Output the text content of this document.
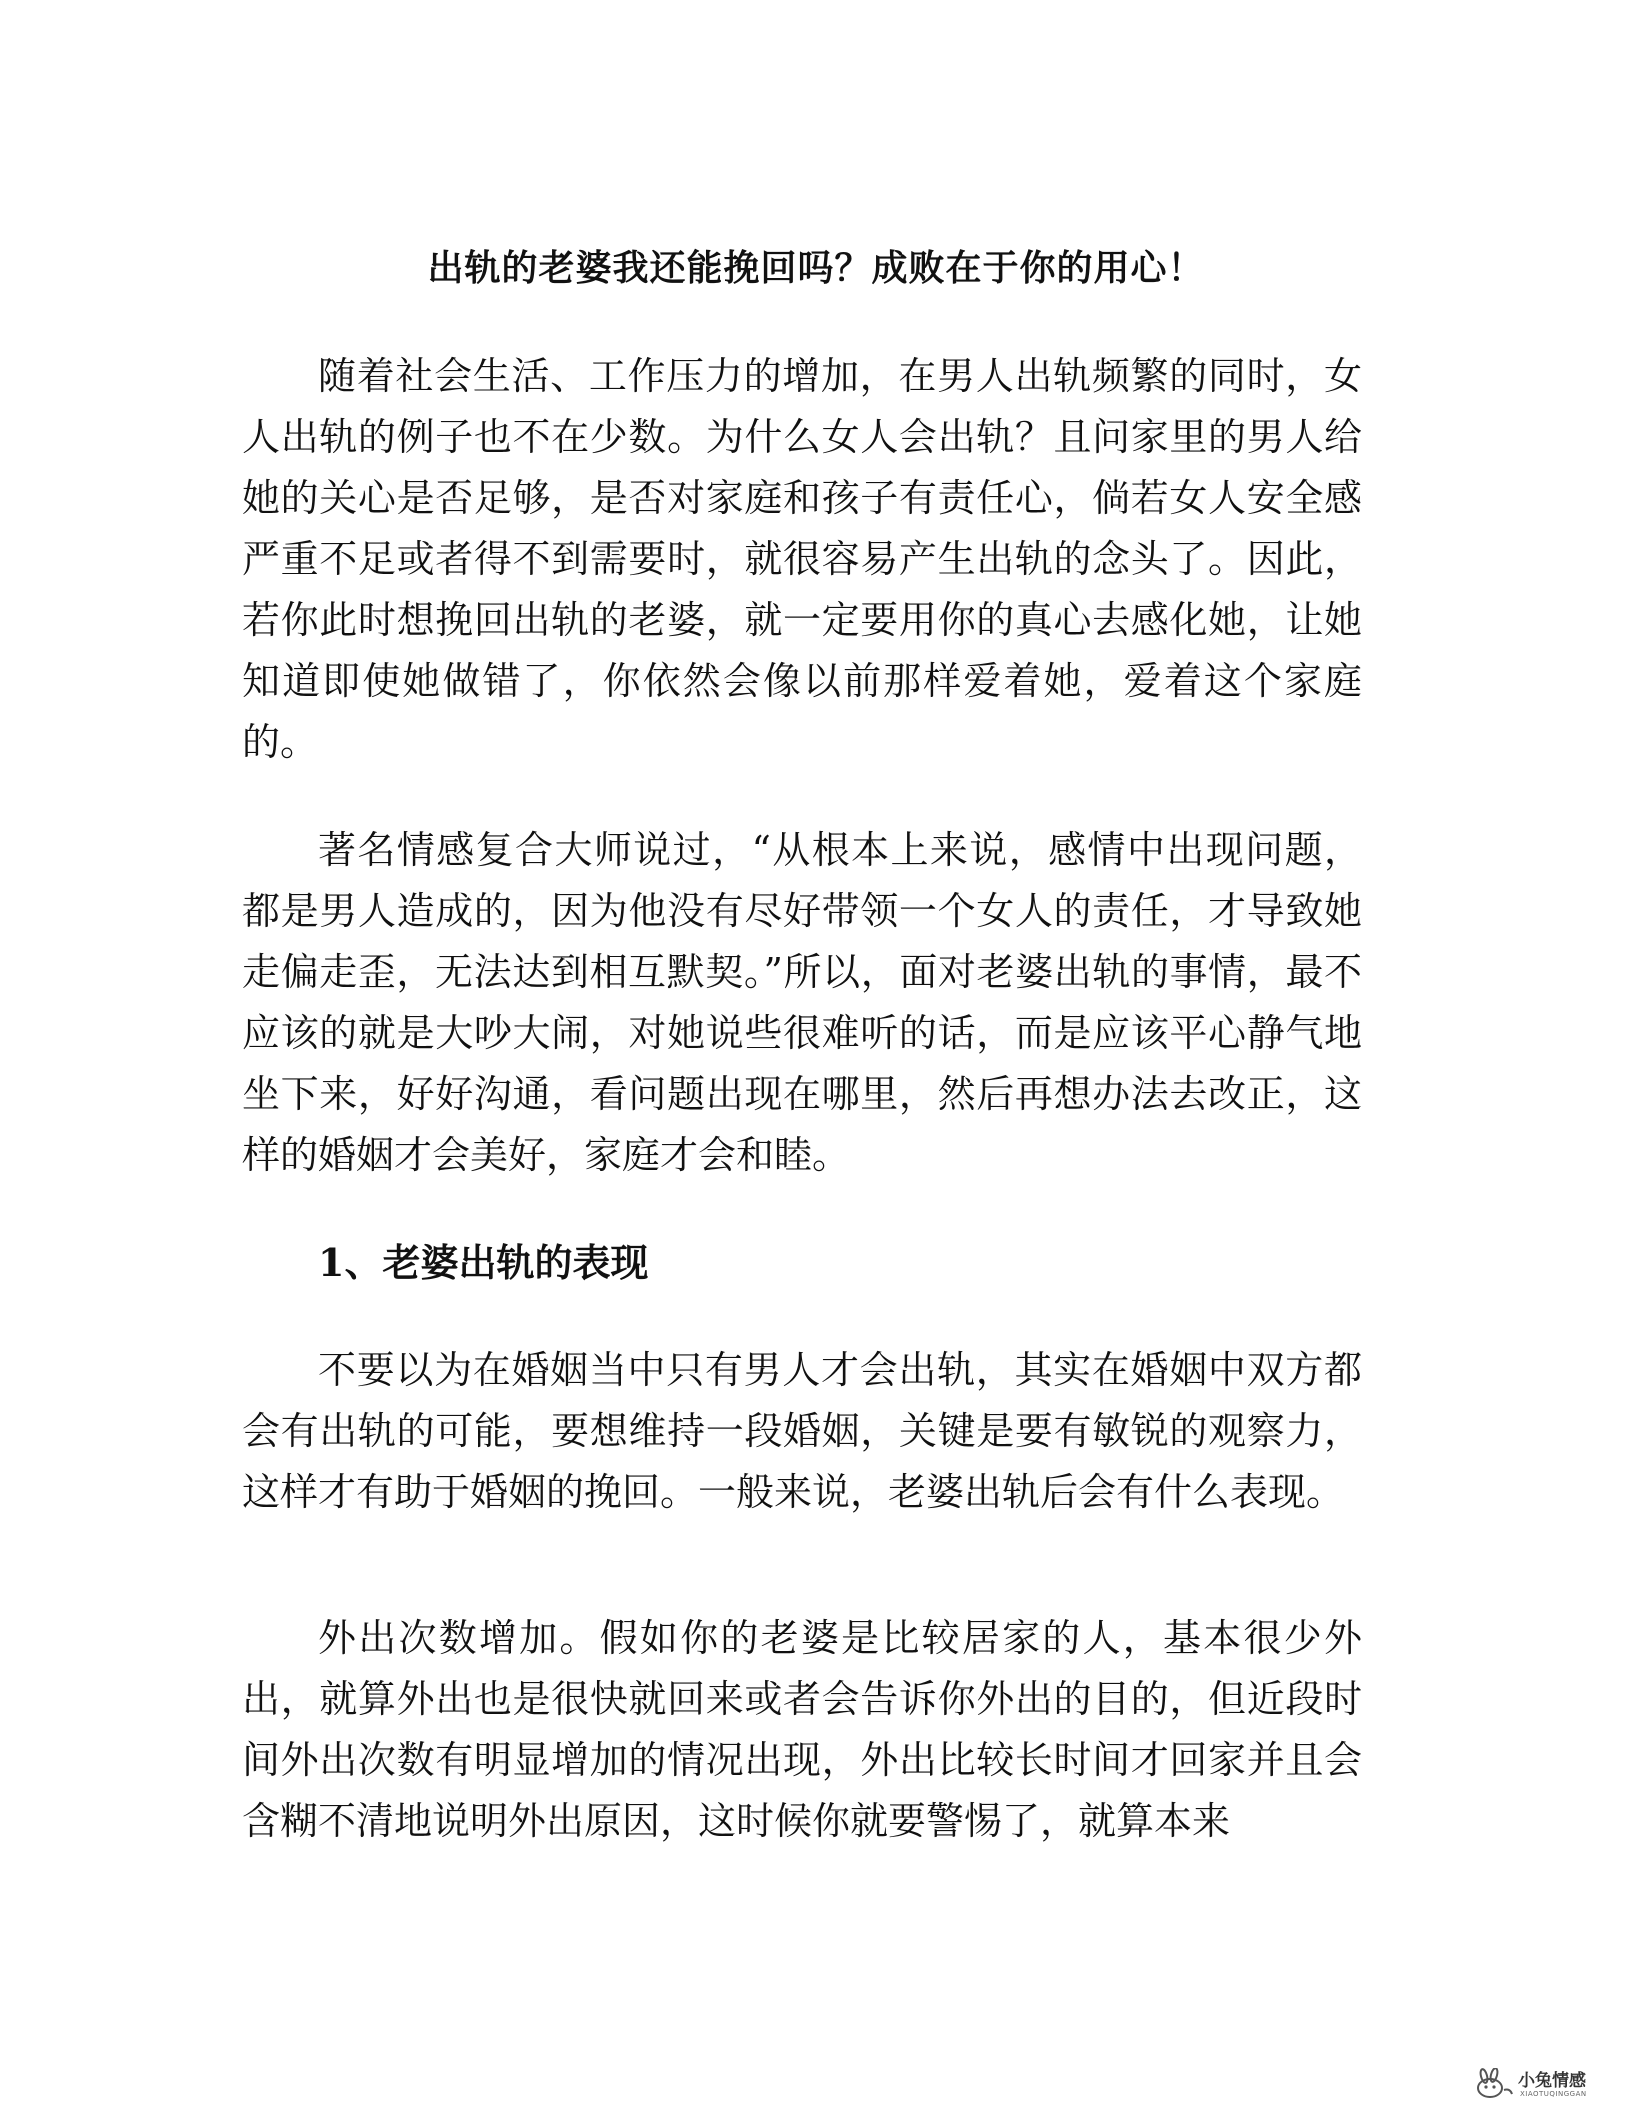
出轨的老婆我还能挽回吗？成败在于你的用心！

随着社会生活、工作压力的增加，在男人出轨频繁的同时，女人出轨的例子也不在少数。为什么女人会出轨？且问家里的男人给她的关心是否足够，是否对家庭和孩子有责任心，倘若女人安全感严重不足或者得不到需要时，就很容易产生出轨的念头了。因此，若你此时想挽回出轨的老婆，就一定要用你的真心去感化她，让她知道即使她做错了，你依然会像以前那样爱着她，爱着这个家庭的。

著名情感复合大师说过，“从根本上来说，感情中出现问题，都是男人造成的，因为他没有尽好带领一个女人的责任，才导致她走偏走歪，无法达到相互默契。”所以，面对老婆出轨的事情，最不应该的就是大吵大闹，对她说些很难听的话，而是应该平心静气地坐下来，好好沟通，看问题出现在哪里，然后再想办法去改正，这样的婚姻才会美好，家庭才会和睦。

1、老婆出轨的表现

不要以为在婚姻当中只有男人才会出轨，其实在婚姻中双方都会有出轨的可能，要想维持一段婚姻，关键是要有敏锐的观察力，这样才有助于婚姻的挽回。一般来说，老婆出轨后会有什么表现。

外出次数增加。假如你的老婆是比较居家的人，基本很少外出，就算外出也是很快就回来或者会告诉你外出的目的，但近段时间外出次数有明显增加的情况出现，外出比较长时间才回家并且会含糊不清地说明外出原因，这时候你就要警惕了，就算本来

小兔情感
XIAOTUQINGGAN
